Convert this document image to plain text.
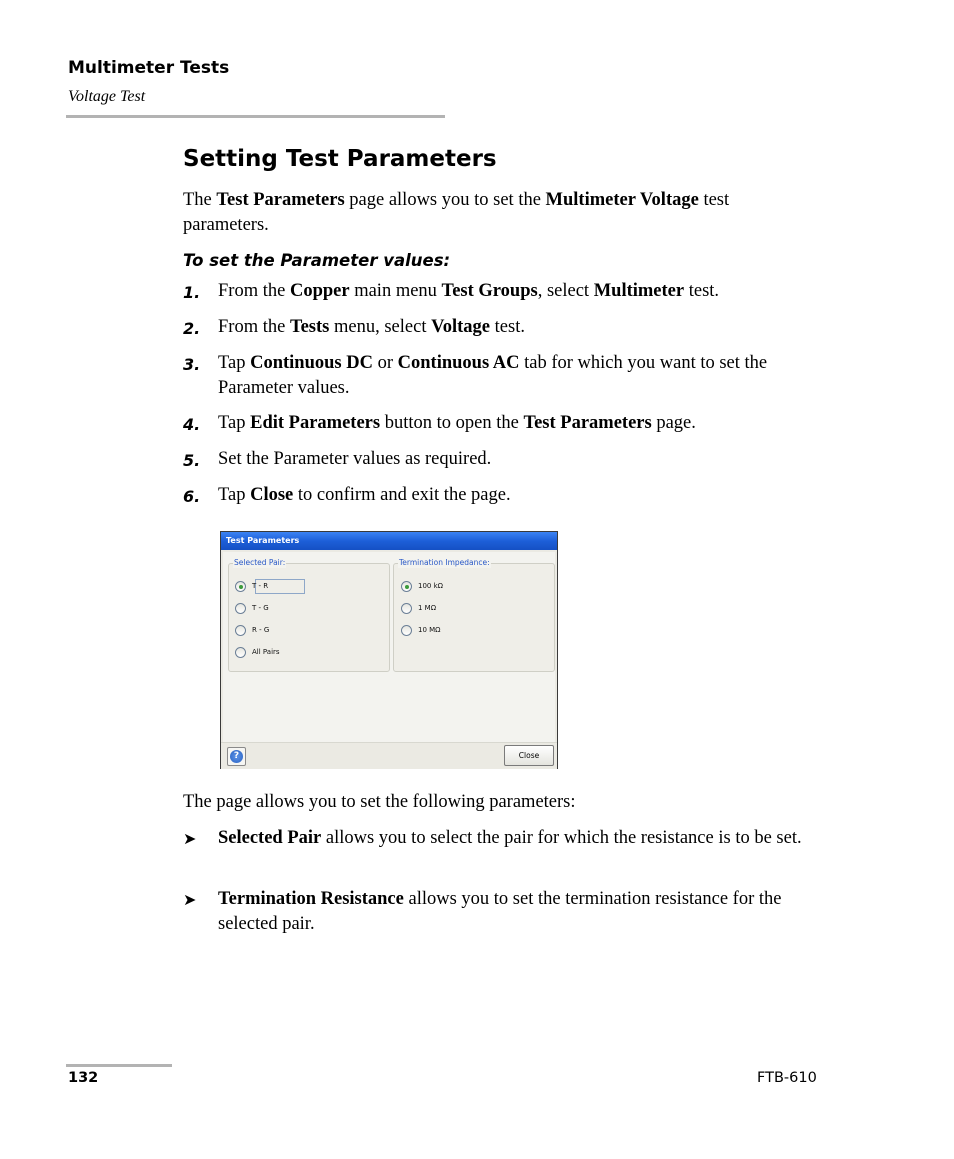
Multimeter Tests
Voltage Test
Setting Test Parameters
The Test Parameters page allows you to set the Multimeter Voltage test parameters.
To set the Parameter values:
1. From the Copper main menu Test Groups, select Multimeter test.
2. From the Tests menu, select Voltage test.
3. Tap Continuous DC or Continuous AC tab for which you want to set the Parameter values.
4. Tap Edit Parameters button to open the Test Parameters page.
5. Set the Parameter values as required.
6. Tap Close to confirm and exit the page.
Test Parameters
Selected Pair:
T - R
T - G
R - G
All Pairs
Termination Impedance:
100 kΩ
1 MΩ
10 MΩ
?	Close
The page allows you to set the following parameters:
➤ Selected Pair allows you to select the pair for which the resistance is to be set.
➤ Termination Resistance allows you to set the termination resistance for the selected pair.
132	FTB-610
